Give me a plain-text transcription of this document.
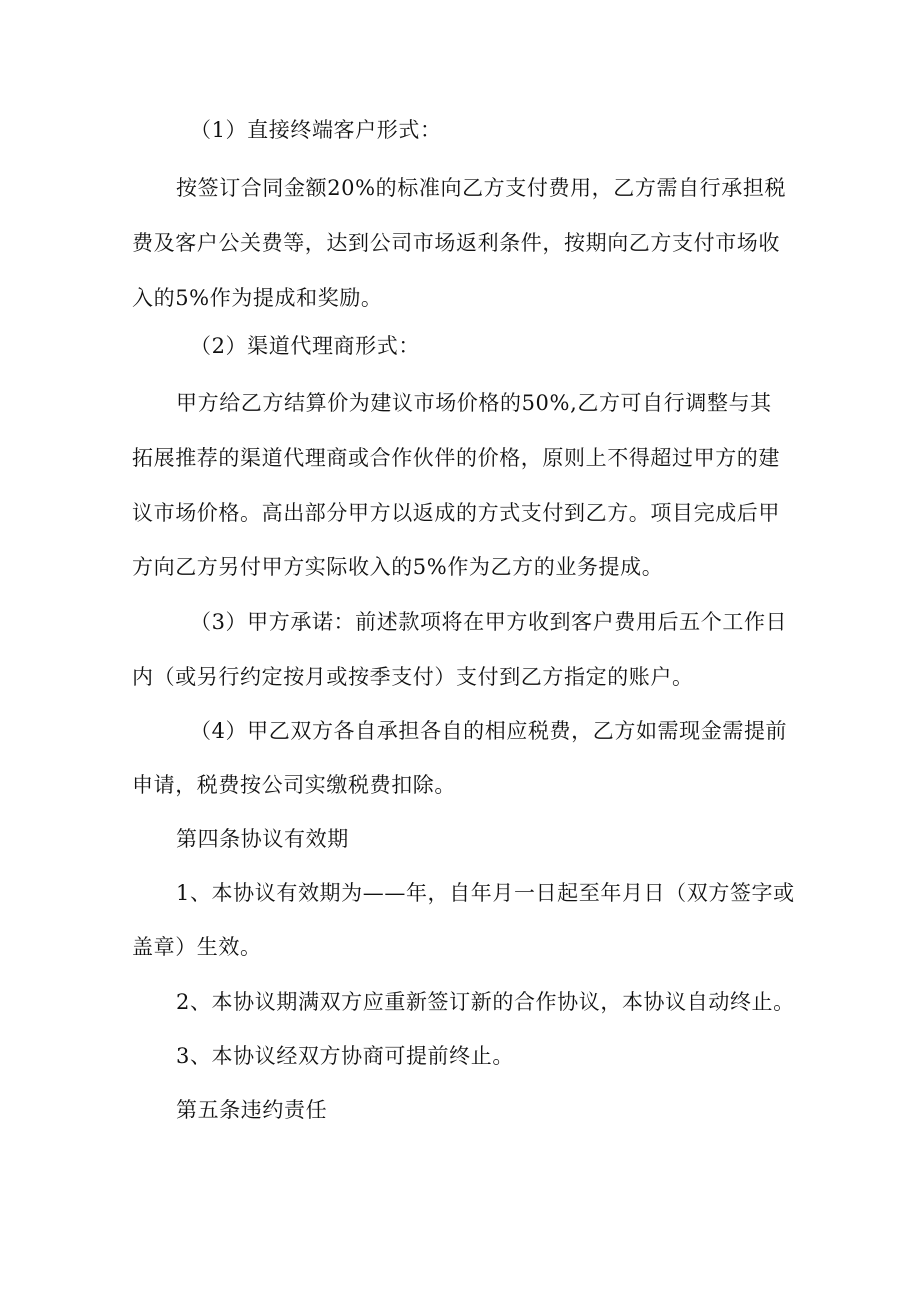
（1）直接终端客户形式：
按签订合同金额20%的标准向乙方支付费用，乙方需自行承担税
费及客户公关费等，达到公司市场返利条件，按期向乙方支付市场收
入的5%作为提成和奖励。
（2）渠道代理商形式：
甲方给乙方结算价为建议市场价格的50%,乙方可自行调整与其
拓展推荐的渠道代理商或合作伙伴的价格，原则上不得超过甲方的建
议市场价格。高出部分甲方以返成的方式支付到乙方。项目完成后甲
方向乙方另付甲方实际收入的5%作为乙方的业务提成。
（3）甲方承诺：前述款项将在甲方收到客户费用后五个工作日
内（或另行约定按月或按季支付）支付到乙方指定的账户。
（4）甲乙双方各自承担各自的相应税费，乙方如需现金需提前
申请，税费按公司实缴税费扣除。
第四条协议有效期
1、本协议有效期为——年，自年月一日起至年月日（双方签字或
盖章）生效。
2、本协议期满双方应重新签订新的合作协议，本协议自动终止。
3、本协议经双方协商可提前终止。
第五条违约责任
